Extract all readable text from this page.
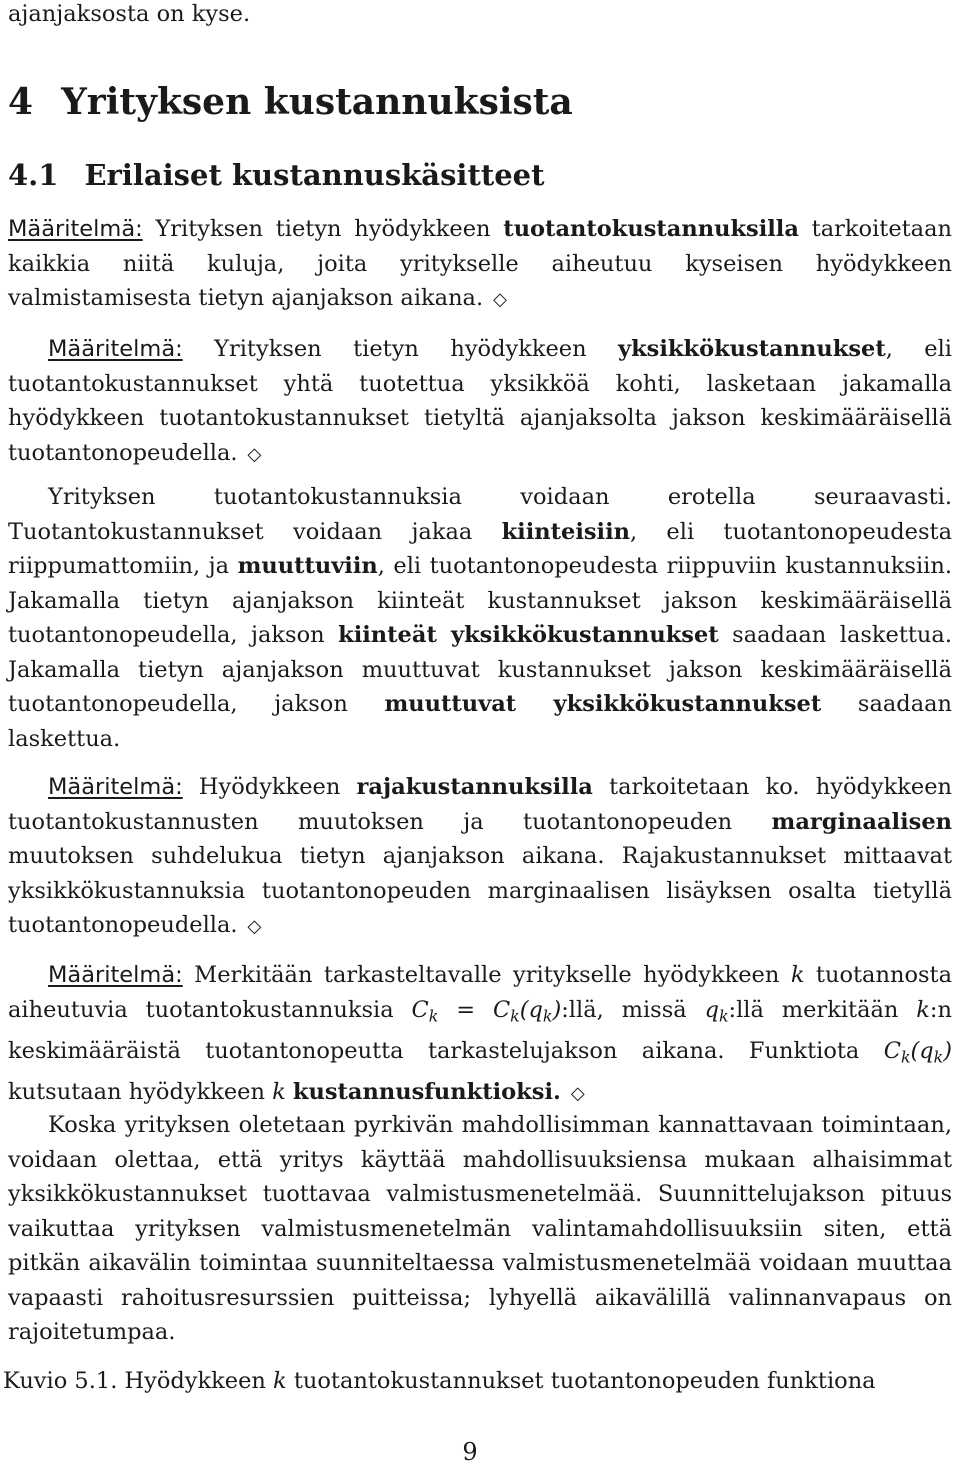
ajanjaksosta on kyse.

4 Yrityksen kustannuksista
4.1 Erilaiset kustannuskäsitteet

Määritelmä: Yrityksen tietyn hyödykkeen tuotantokustannuksilla tarkoitetaan kaikkia niitä kuluja, joita yritykselle aiheutuu kyseisen hyödykkeen valmistamisesta tietyn ajanjakson aikana. ◇

Määritelmä: Yrityksen tietyn hyödykkeen yksikkökustannukset, eli tuotantokustannukset yhtä tuotettua yksikköä kohti, lasketaan jakamalla hyödykkeen tuotantokustannukset tietyltä ajanjaksolta jakson keskimääräisellä tuotantonopeudella. ◇

Yrityksen tuotantokustannuksia voidaan erotella seuraavasti. Tuotantokustannukset voidaan jakaa kiinteisiin, eli tuotantonopeudesta riippumattomiin, ja muuttuviin, eli tuotantonopeudesta riippuviin kustannuksiin. Jakamalla tietyn ajanjakson kiinteät kustannukset jakson keskimääräisellä tuotantonopeudella, jakson kiinteät yksikkökustannukset saadaan laskettua. Jakamalla tietyn ajanjakson muuttuvat kustannukset jakson keskimääräisellä tuotantonopeudella, jakson muuttuvat yksikkökustannukset saadaan laskettua.

Määritelmä: Hyödykkeen rajakustannuksilla tarkoitetaan ko. hyödykkeen tuotantokustannusten muutoksen ja tuotantonopeuden marginaalisen muutoksen suhdelukua tietyn ajanjakson aikana. Rajakustannukset mittaavat yksikkökustannuksia tuotantonopeuden marginaalisen lisäyksen osalta tietyllä tuotantonopeudella. ◇

Määritelmä: Merkitään tarkasteltavalle yritykselle hyödykkeen k tuotannosta aiheutuvia tuotantokustannuksia $C_k$ = $C_k(q_k):llä$, missä $q_k:llä$ merkitään k:n keskimääräistä tuotantonopeutta tarkastelujakson aikana. Funktiota $C_k(q_k)$ kutsutaan hyödykkeen k kustannusfunktioksi. ◇

Koska yrityksen oletetaan pyrkivän mahdollisimman kannattavaan toimintaan, voidaan olettaa, että yritys käyttää mahdollisuuksiensa mukaan alhaisimmat yksikkökustannukset tuottavaa valmistusmenetelmää. Suunnittelujakson pituus vaikuttaa yrityksen valmistusmenetelmän valintamahdollisuuksiin siten, että pitkän aikavälin toimintaa suunniteltaessa valmistusmenetelmää voidaan muuttaa vapaasti rahoitusresurssien puitteissa; lyhyellä aikavälillä valinnanvapaus on rajoitetumpaa.

Kuvio 5.1. Hyödykkeen k tuotantokustannukset tuotantonopeuden funktiona

9
